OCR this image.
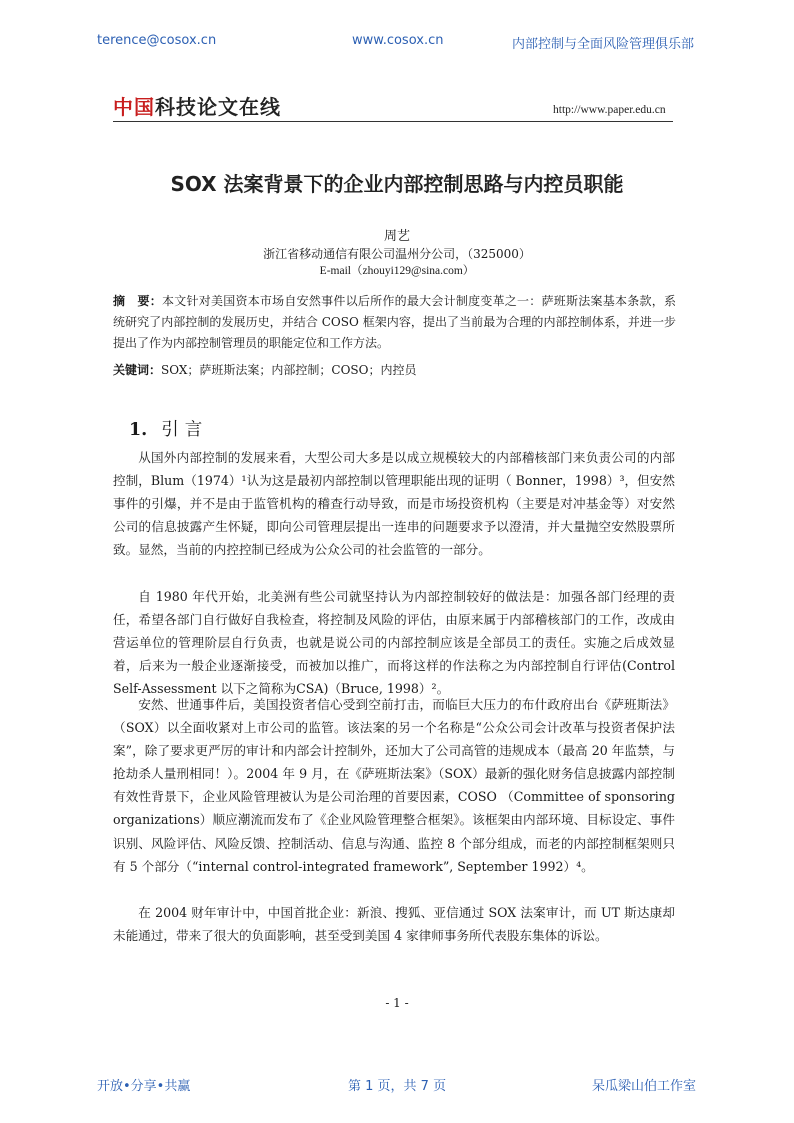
terence@cosox.cn	www.cosox.cn	内部控制与全面风险管理俱乐部
中国 科技论文在线	http://www.paper.edu.cn
SOX 法案背景下的企业内部控制思路与内控员职能
周艺
浙江省移动通信有限公司温州分公司，（325000）
E-mail（zhouyi129@sina.com）
摘　要：本文针对美国资本市场自安然事件以后所作的最大会计制度变革之一：萨班斯法案基本条款，系统研究了内部控制的发展历史，并结合 COSO 框架内容，提出了当前最为合理的内部控制体系，并进一步提出了作为内部控制管理员的职能定位和工作方法。
关键词：SOX；萨班斯法案；内部控制；COSO；内控员
1. 引言
从国外内部控制的发展来看，大型公司大多是以成立规模较大的内部稽核部门来负责公司的内部控制，Blum（1974）¹认为这是最初内部控制以管理职能出现的证明（ Bonner，1998）³，但安然事件的引爆，并不是由于监管机构的稽查行动导致，而是市场投资机构（主要是对冲基金等）对安然公司的信息披露产生怀疑，即向公司管理层提出一连串的问题要求予以澄清，并大量抛空安然股票所致。显然，当前的内控控制已经成为公众公司的社会监管的一部分。
自 1980 年代开始，北美洲有些公司就坚持认为内部控制较好的做法是：加强各部门经理的责任，希望各部门自行做好自我检查，将控制及风险的评估，由原来属于内部稽核部门的工作，改成由营运单位的管理阶层自行负责，也就是说公司的内部控制应该是全部员工的责任。实施之后成效显着，后来为一般企业逐渐接受，而被加以推广，而将这样的作法称之为内部控制自行评估(Control Self-Assessment 以下之简称为CSA)（Bruce, 1998）²。
安然、世通事件后，美国投资者信心受到空前打击，而临巨大压力的布什政府出台《萨班斯法》（SOX）以全面收紧对上市公司的监管。该法案的另一个名称是“公众公司会计改革与投资者保护法案”，除了要求更严厉的审计和内部会计控制外，还加大了公司高管的违规成本（最高 20 年监禁，与抢劫杀人量刑相同！）。2004 年 9 月，在《萨班斯法案》（SOX）最新的强化财务信息披露内部控制有效性背景下，企业风险管理被认为是公司治理的首要因素，COSO （Committee of sponsoring organizations）顺应潮流而发布了《企业风险管理整合框架》。该框架由内部环境、目标设定、事件识别、风险评估、风险反馈、控制活动、信息与沟通、监控 8 个部分组成，而老的内部控制框架则只有 5 个部分（“internal control-integrated framework”, September 1992）⁴。
在 2004 财年审计中，中国首批企业：新浪、搜狐、亚信通过 SOX 法案审计，而 UT 斯达康却未能通过，带来了很大的负面影响，甚至受到美国 4 家律师事务所代表股东集体的诉讼。
- 1 -
开放•分享•共赢	第 1 页，共 7 页	呆瓜梁山伯工作室
